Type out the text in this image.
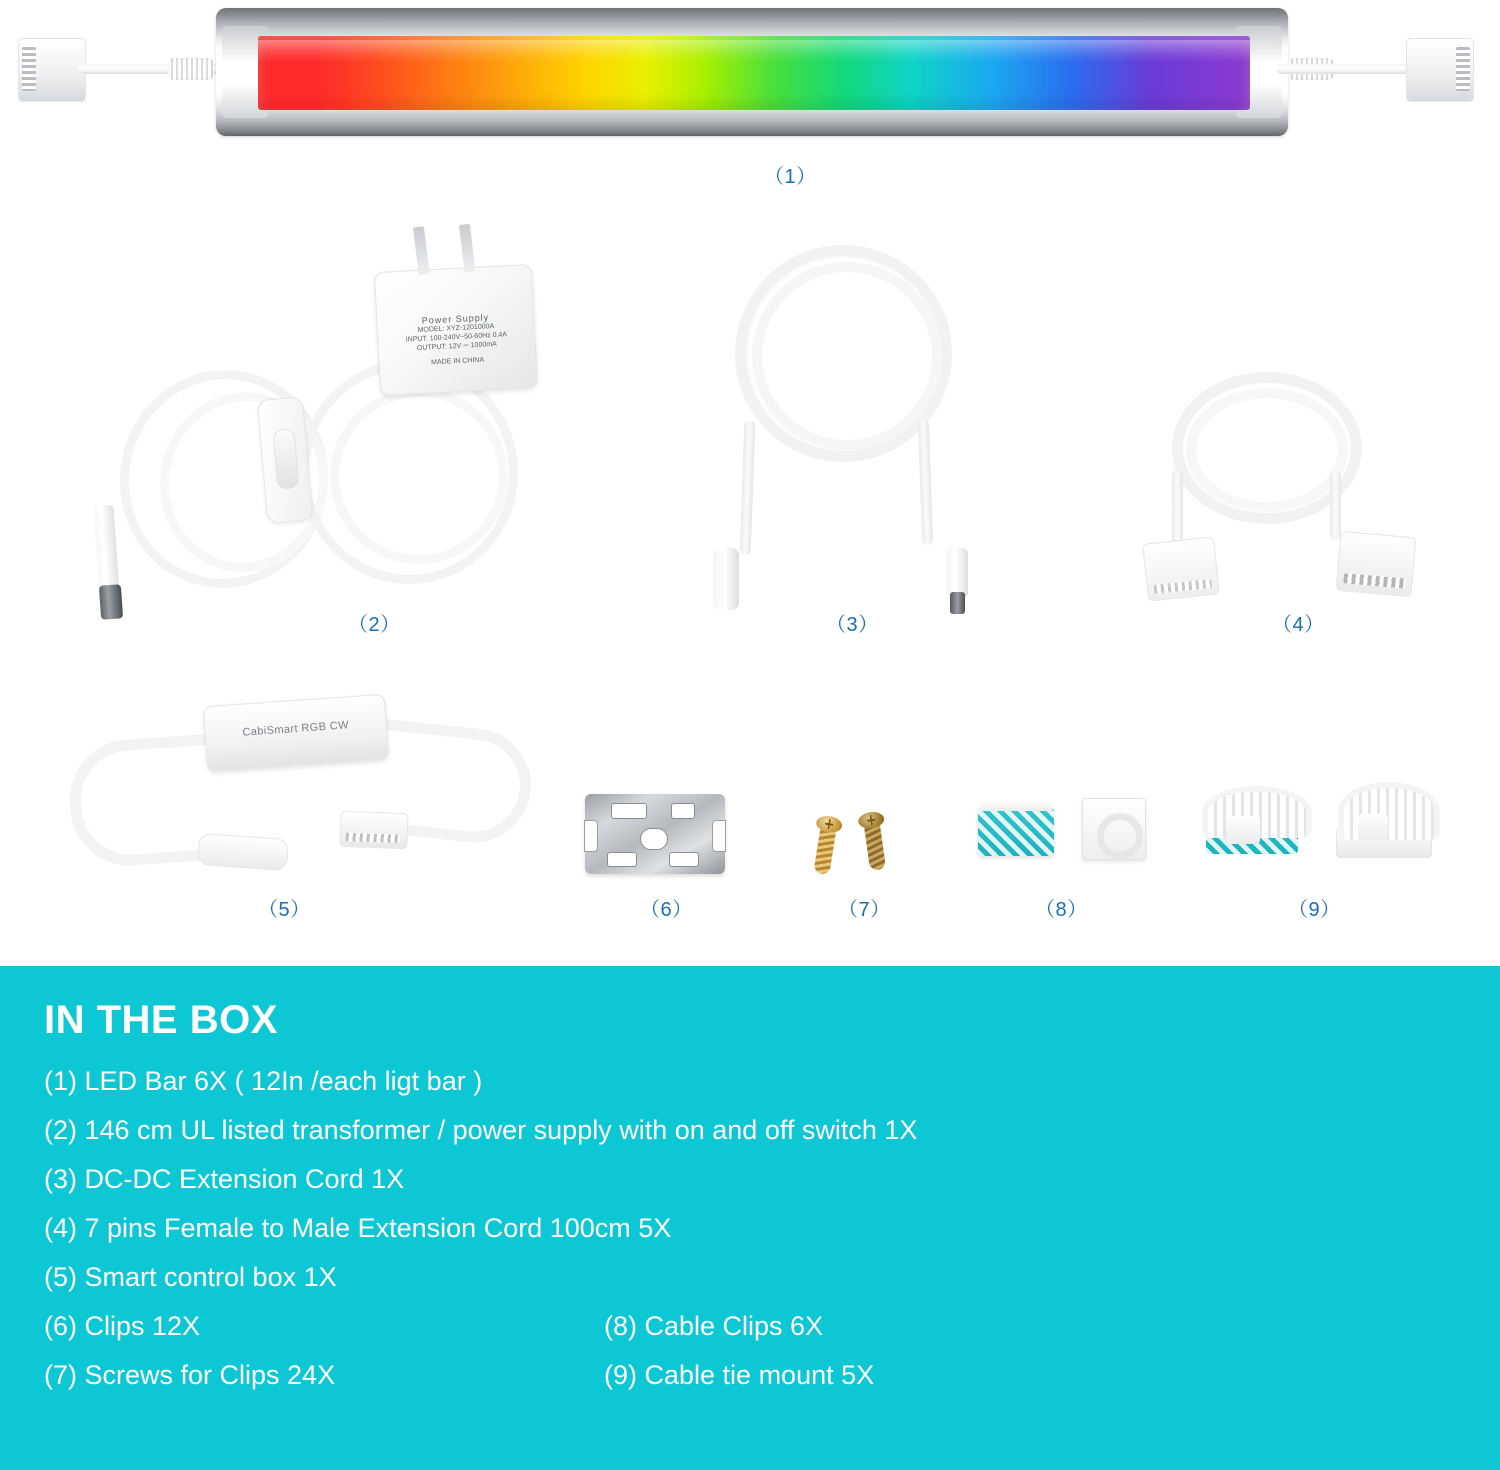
（1）
Power Supply
MODEL: XYZ-1201000A
INPUT: 100-240V~50-60Hz 0.4A
OUTPUT: 12V ⎓ 1000mA
MADE IN CHINA
（2）	（3）	（4）
CabiSmart RGB CW
（5）	（6）	（7）	（8）	（9）
IN THE BOX
(1) LED Bar 6X ( 12In /each ligt bar )
(2) 146 cm UL listed transformer / power supply with on and off switch 1X
(3) DC-DC Extension Cord 1X
(4) 7 pins Female to Male Extension Cord 100cm 5X
(5) Smart control box 1X
(6) Clips 12X
(7) Screws for Clips 24X
(8) Cable Clips 6X
(9) Cable tie mount 5X
